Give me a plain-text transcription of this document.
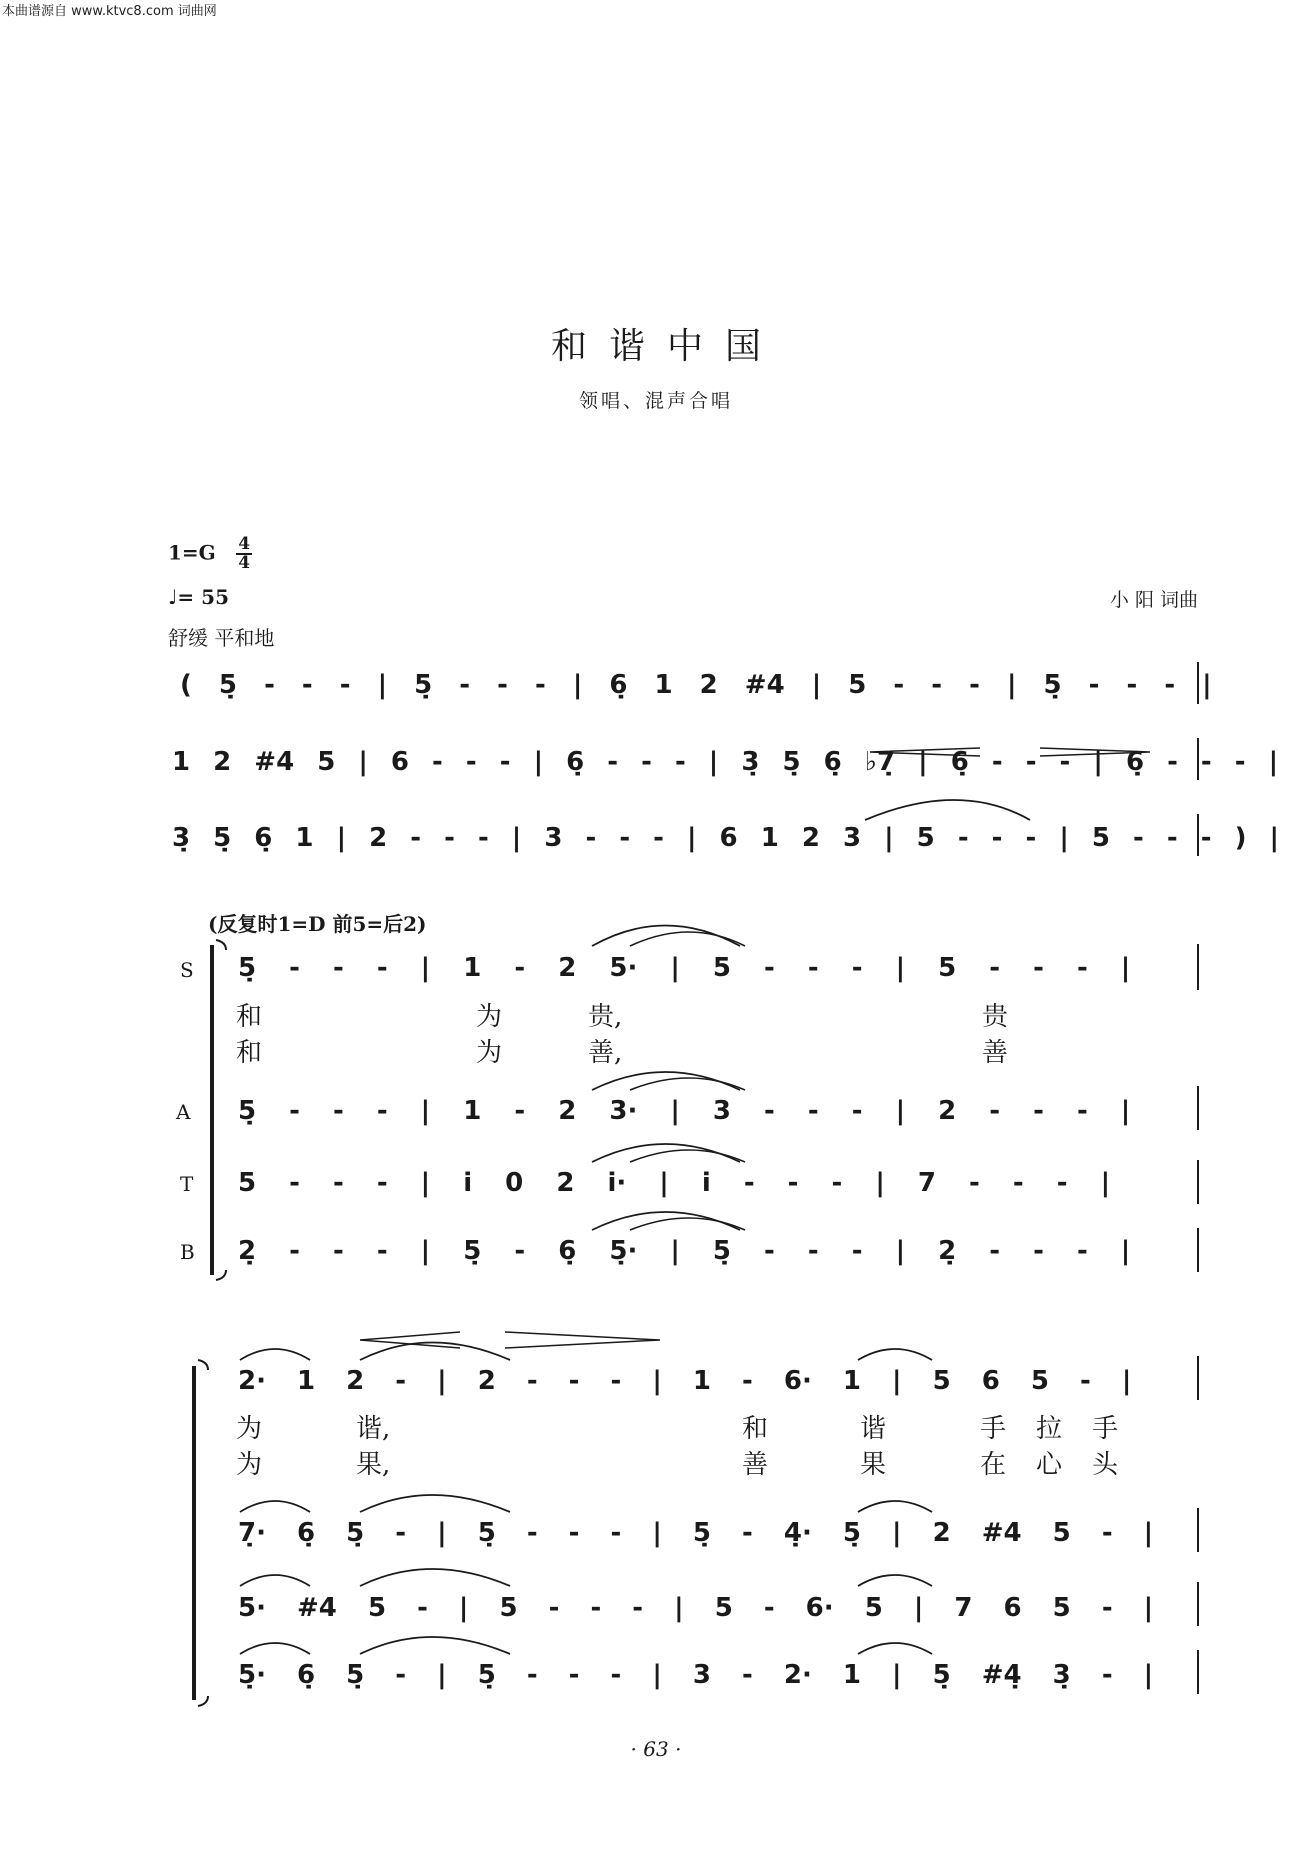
本曲谱源自 www.ktvc8.com 词曲网
和谐中国
领唱、混声合唱
$1=G \frac{4}{4}$
♩= 55	小 阳 词曲
舒缓 平和地
( 5̣ - - - | 5̣ - - - | 6̣ 1 2 #4 | 5 - - - | 5̣ - - - |
1 2 #4 5 | 6 - - - | 6̣ - - - | 3̣ 5̣ 6̣ ♭7̣ | 6̣ - - - | 6̣ - - - |
3̣ 5̣ 6̣ 1 | 2 - - - | 3 - - - | 6 1 2 3 | 5 - - - | 5 - - - ) |
(反复时1=D 前5=后2)
S
A
T
B
5̣ - - - | 1 - 2 5· | 5 - - - | 5 - - - |
和	为	贵,	贵
和	为	善,	善
5̣ - - - | 1 - 2 3· | 3 - - - | 2 - - - |
5 - - - | i 0 2 i· | i - - - | 7 - - - |
2̣ - - - | 5̣ - 6̣ 5̣· | 5̣ - - - | 2̣ - - - |
2· 1 2 - | 2 - - - | 1 - 6· 1 | 5 6 5 - |
为	谐,	和	谐	手 拉 手
为	果,	善	果	在 心 头
7̣· 6̣ 5̣ - | 5̣ - - - | 5̣ - 4̣· 5̣ | 2 #4 5 - |
5· #4 5 - | 5 - - - | 5 - 6· 5 | 7 6 5 - |
5̣· 6̣ 5̣ - | 5̣ - - - | 3 - 2· 1 | 5̣ #4̣ 3̣ - |
· 63 ·
